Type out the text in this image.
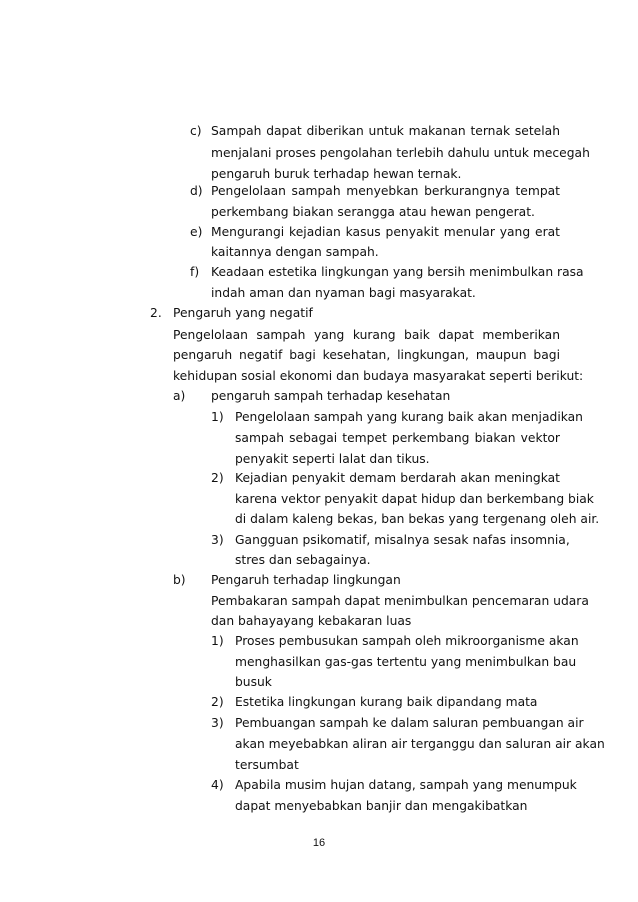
c) Sampah dapat diberikan untuk makanan ternak setelah
menjalani proses pengolahan terlebih dahulu untuk mecegah
pengaruh buruk terhadap hewan ternak.
d) Pengelolaan sampah menyebkan berkurangnya tempat
perkembang biakan serangga atau hewan pengerat.
e) Mengurangi kejadian kasus penyakit menular yang erat
kaitannya dengan sampah.
f) Keadaan estetika lingkungan yang bersih menimbulkan rasa
indah aman dan nyaman bagi masyarakat.
2. Pengaruh yang negatif
Pengelolaan sampah yang kurang baik dapat memberikan
pengaruh negatif bagi kesehatan, lingkungan, maupun bagi
kehidupan sosial ekonomi dan budaya masyarakat seperti berikut:
a) pengaruh sampah terhadap kesehatan
1) Pengelolaan sampah yang kurang baik akan menjadikan
sampah sebagai tempet perkembang biakan vektor
penyakit seperti lalat dan tikus.
2) Kejadian penyakit demam berdarah akan meningkat
karena vektor penyakit dapat hidup dan berkembang biak
di dalam kaleng bekas, ban bekas yang tergenang oleh air.
3) Gangguan psikomatif, misalnya sesak nafas insomnia,
stres dan sebagainya.
b) Pengaruh terhadap lingkungan
Pembakaran sampah dapat menimbulkan pencemaran udara
dan bahayayang kebakaran luas
1) Proses pembusukan sampah oleh mikroorganisme akan
menghasilkan gas-gas tertentu yang menimbulkan bau
busuk
2) Estetika lingkungan kurang baik dipandang mata
3) Pembuangan sampah ke dalam saluran pembuangan air
akan meyebabkan aliran air terganggu dan saluran air akan
tersumbat
4) Apabila musim hujan datang, sampah yang menumpuk
dapat menyebabkan banjir dan mengakibatkan
16
